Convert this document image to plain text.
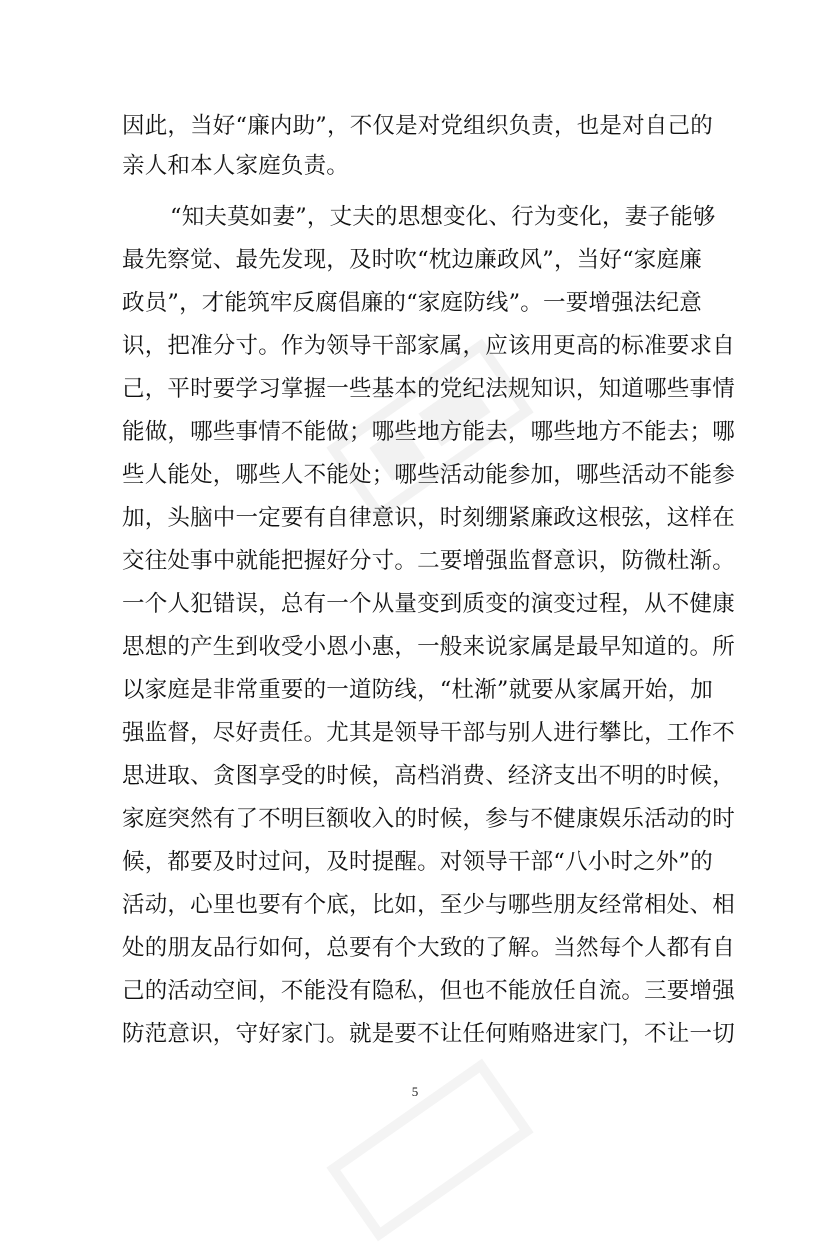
因此，当好“廉内助”，不仅是对党组织负责，也是对自己的
亲人和本人家庭负责。
“知夫莫如妻”，丈夫的思想变化、行为变化，妻子能够
最先察觉、最先发现，及时吹“枕边廉政风”，当好“家庭廉
政员”，才能筑牢反腐倡廉的“家庭防线”。一要增强法纪意
识，把准分寸。作为领导干部家属，应该用更高的标准要求自
己，平时要学习掌握一些基本的党纪法规知识，知道哪些事情
能做，哪些事情不能做；哪些地方能去，哪些地方不能去；哪
些人能处，哪些人不能处；哪些活动能参加，哪些活动不能参
加，头脑中一定要有自律意识，时刻绷紧廉政这根弦，这样在
交往处事中就能把握好分寸。二要增强监督意识，防微杜渐。
一个人犯错误，总有一个从量变到质变的演变过程，从不健康
思想的产生到收受小恩小惠，一般来说家属是最早知道的。所
以家庭是非常重要的一道防线，“杜渐”就要从家属开始，加
强监督，尽好责任。尤其是领导干部与别人进行攀比，工作不
思进取、贪图享受的时候，高档消费、经济支出不明的时候，
家庭突然有了不明巨额收入的时候，参与不健康娱乐活动的时
候，都要及时过问，及时提醒。对领导干部“八小时之外”的
活动，心里也要有个底，比如，至少与哪些朋友经常相处、相
处的朋友品行如何，总要有个大致的了解。当然每个人都有自
己的活动空间，不能没有隐私，但也不能放任自流。三要增强
防范意识，守好家门。就是要不让任何贿赂进家门，不让一切
5
